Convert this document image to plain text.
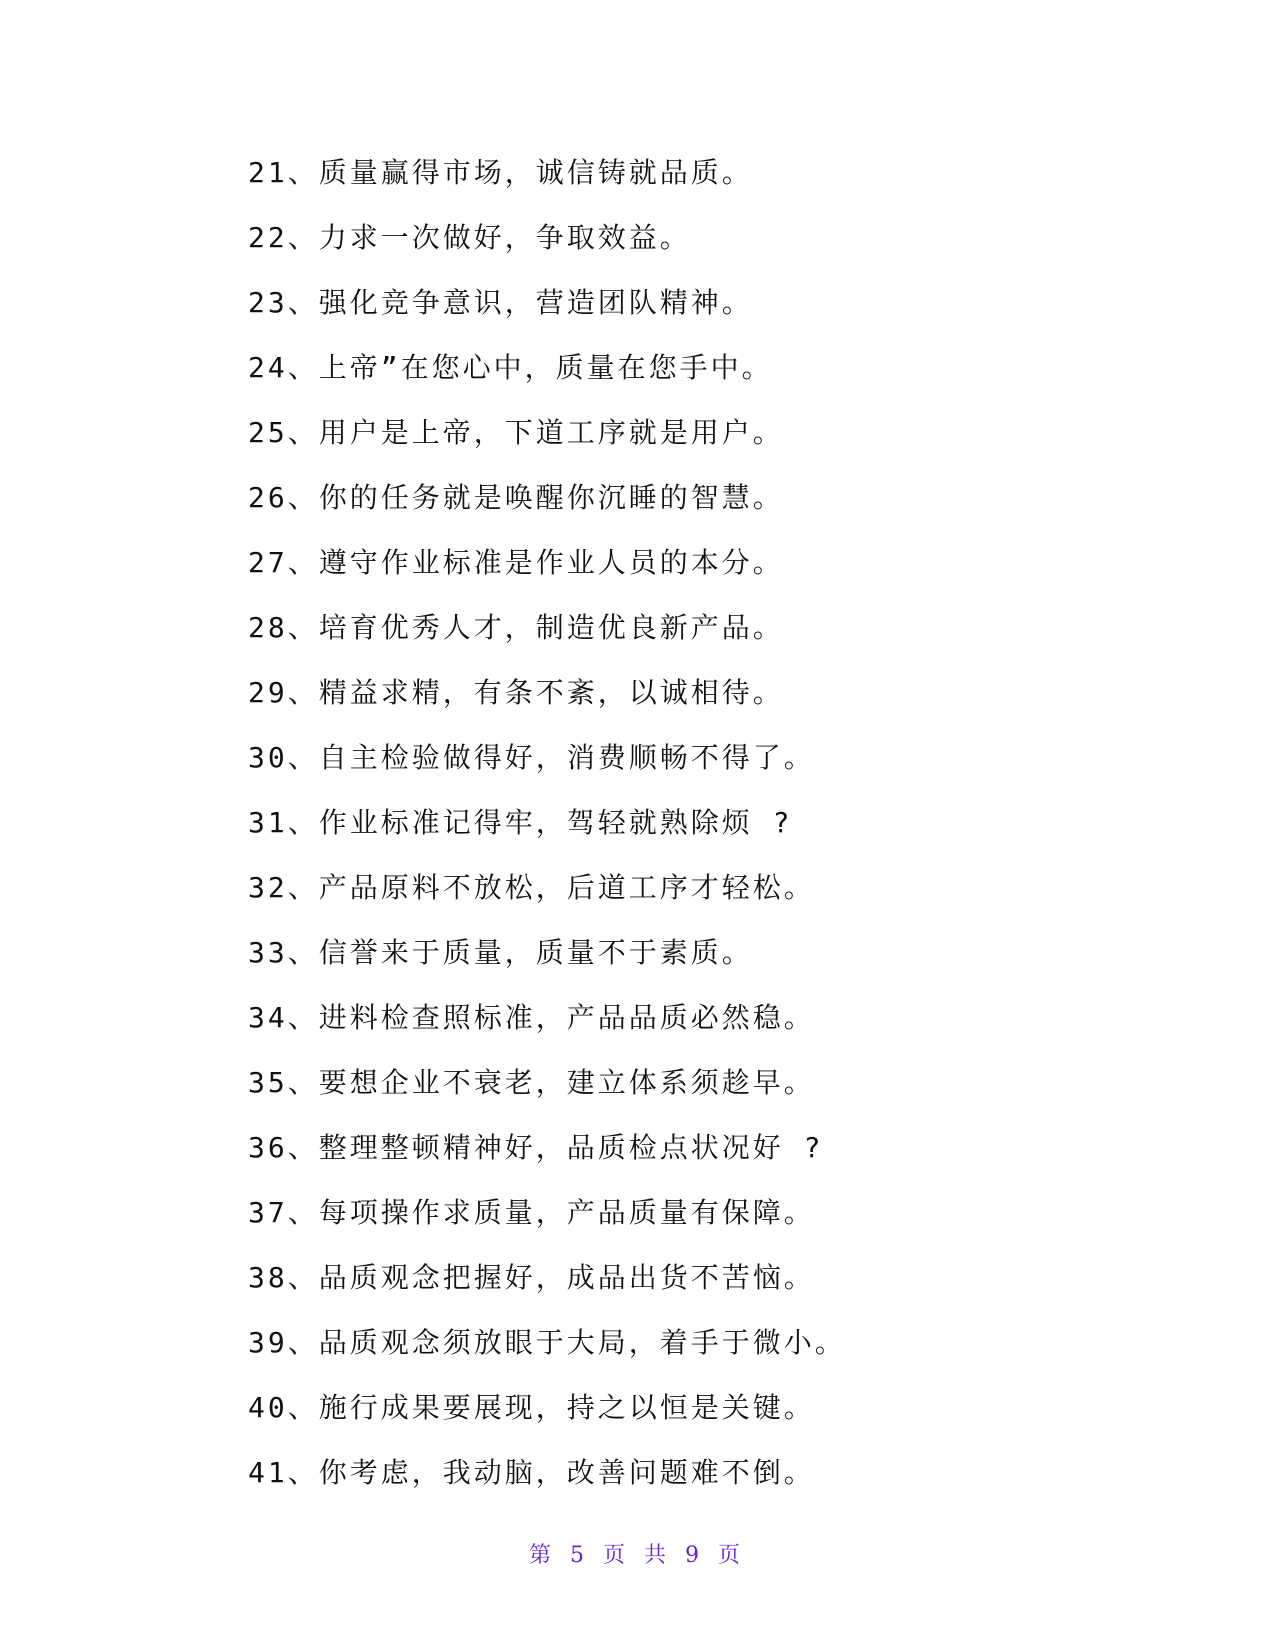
21、质量赢得市场，诚信铸就品质。
22、力求一次做好，争取效益。
23、强化竞争意识，营造团队精神。
24、上帝”在您心中，质量在您手中。
25、用户是上帝，下道工序就是用户。
26、你的任务就是唤醒你沉睡的智慧。
27、遵守作业标准是作业人员的本分。
28、培育优秀人才，制造优良新产品。
29、精益求精，有条不紊，以诚相待。
30、自主检验做得好，消费顺畅不得了。
31、作业标准记得牢，驾轻就熟除烦 ?
32、产品原料不放松，后道工序才轻松。
33、信誉来于质量，质量不于素质。
34、进料检查照标准，产品品质必然稳。
35、要想企业不衰老，建立体系须趁早。
36、整理整顿精神好，品质检点状况好 ?
37、每项操作求质量，产品质量有保障。
38、品质观念把握好，成品出货不苦恼。
39、品质观念须放眼于大局，着手于微小。
40、施行成果要展现，持之以恒是关键。
41、你考虑，我动脑，改善问题难不倒。
第 5 页 共 9 页
